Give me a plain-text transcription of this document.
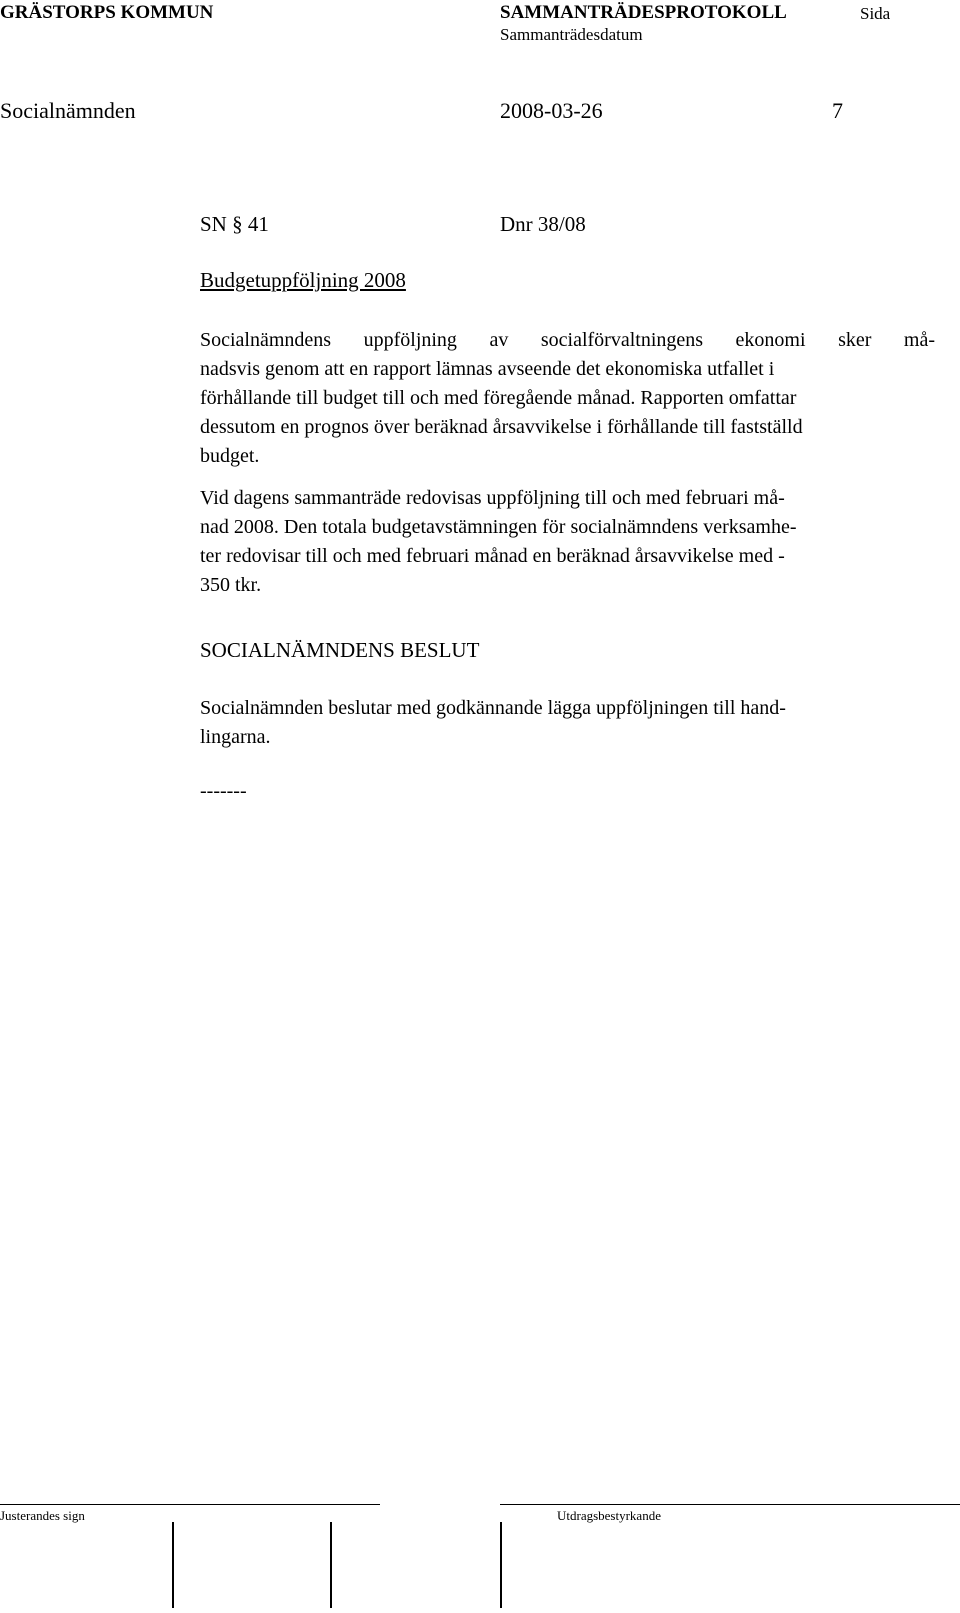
GRÄSTORPS KOMMUN	SAMMANTRÄDESPROTOKOLL	Sida
Sammanträdesdatum
Socialnämnden	2008-03-26	7
SN § 41	Dnr 38/08
Budgetuppföljning 2008
Socialnämndens uppföljning av socialförvaltningens ekonomi sker må-
nadsvis genom att en rapport lämnas avseende det ekonomiska utfallet i
förhållande till budget till och med föregående månad. Rapporten omfattar
dessutom en prognos över beräknad årsavvikelse i förhållande till fastställd
budget.
Vid dagens sammanträde redovisas uppföljning till och med februari må-
nad 2008. Den totala budgetavstämningen för socialnämndens verksamhe-
ter redovisar till och med februari månad en beräknad årsavvikelse med -
350 tkr.
SOCIALNÄMNDENS BESLUT
Socialnämnden beslutar med godkännande lägga uppföljningen till hand-
lingarna.
-------
Justerandes sign	Utdragsbestyrkande
